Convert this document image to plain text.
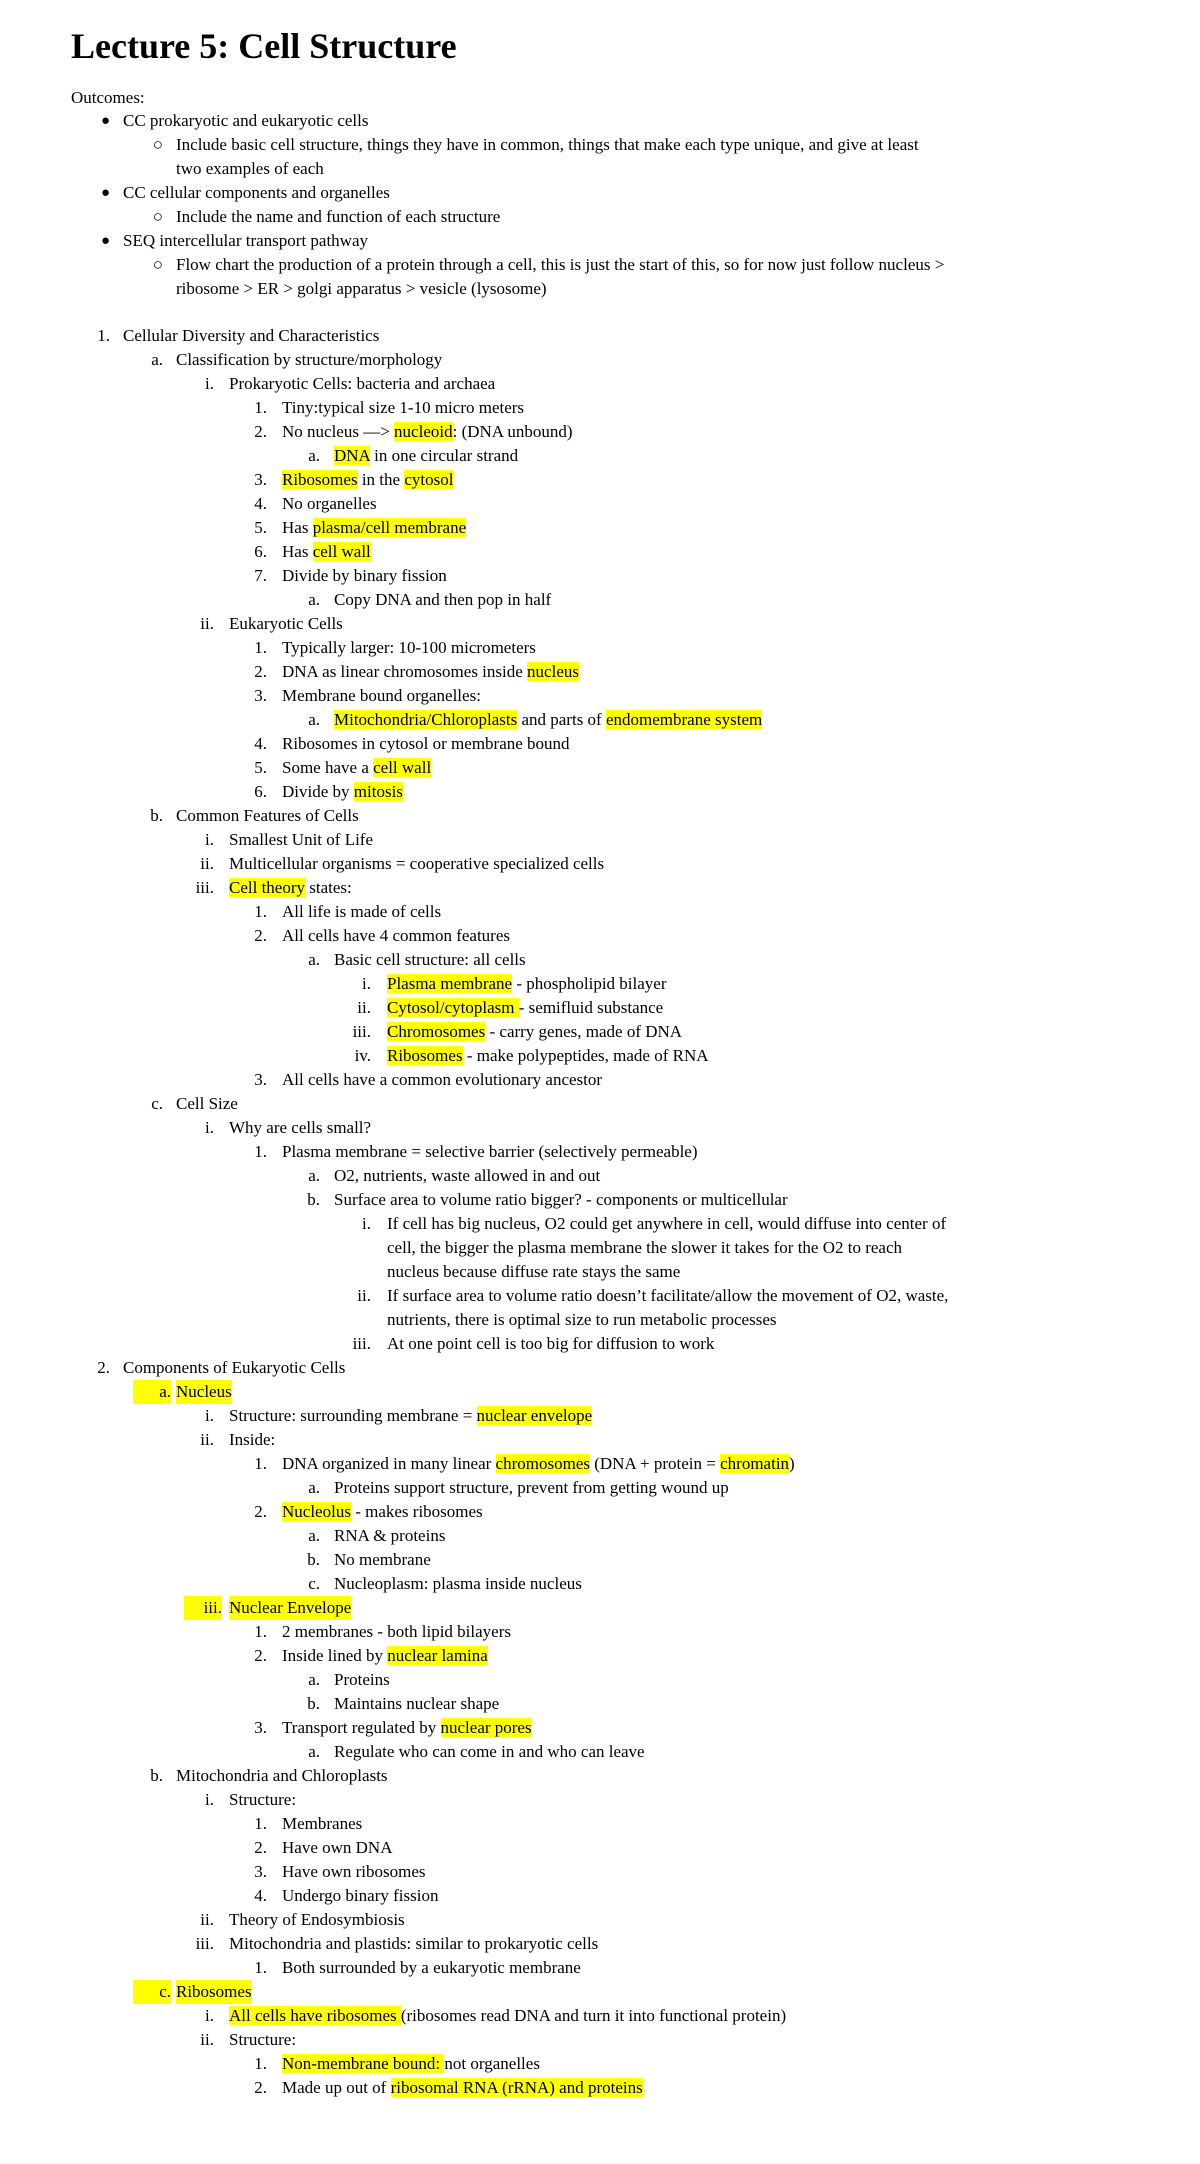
Lecture 5: Cell Structure
Outcomes:
● CC prokaryotic and eukaryotic cells
○ Include basic cell structure, things they have in common, things that make each type unique, and give at least
two examples of each
● CC cellular components and organelles
○ Include the name and function of each structure
● SEQ intercellular transport pathway
○ Flow chart the production of a protein through a cell, this is just the start of this, so for now just follow nucleus >
ribosome > ER > golgi apparatus > vesicle (lysosome)
1. Cellular Diversity and Characteristics
a. Classification by structure/morphology
i. Prokaryotic Cells: bacteria and archaea
1. Tiny:typical size 1-10 micro meters
2. No nucleus —> nucleoid: (DNA unbound)
a. DNA in one circular strand
3. Ribosomes in the cytosol
4. No organelles
5. Has plasma/cell membrane
6. Has cell wall
7. Divide by binary fission
a. Copy DNA and then pop in half
ii. Eukaryotic Cells
1. Typically larger: 10-100 micrometers
2. DNA as linear chromosomes inside nucleus
3. Membrane bound organelles:
a. Mitochondria/Chloroplasts and parts of endomembrane system
4. Ribosomes in cytosol or membrane bound
5. Some have a cell wall
6. Divide by mitosis
b. Common Features of Cells
i. Smallest Unit of Life
ii. Multicellular organisms = cooperative specialized cells
iii. Cell theory states:
1. All life is made of cells
2. All cells have 4 common features
a. Basic cell structure: all cells
i. Plasma membrane - phospholipid bilayer
ii. Cytosol/cytoplasm - semifluid substance
iii. Chromosomes - carry genes, made of DNA
iv. Ribosomes - make polypeptides, made of RNA
3. All cells have a common evolutionary ancestor
c. Cell Size
i. Why are cells small?
1. Plasma membrane = selective barrier (selectively permeable)
a. O2, nutrients, waste allowed in and out
b. Surface area to volume ratio bigger? - components or multicellular
i. If cell has big nucleus, O2 could get anywhere in cell, would diffuse into center of
cell, the bigger the plasma membrane the slower it takes for the O2 to reach
nucleus because diffuse rate stays the same
ii. If surface area to volume ratio doesn’t facilitate/allow the movement of O2, waste,
nutrients, there is optimal size to run metabolic processes
iii. At one point cell is too big for diffusion to work
2. Components of Eukaryotic Cells
a. Nucleus
i. Structure: surrounding membrane = nuclear envelope
ii. Inside:
1. DNA organized in many linear chromosomes (DNA + protein = chromatin)
a. Proteins support structure, prevent from getting wound up
2. Nucleolus - makes ribosomes
a. RNA & proteins
b. No membrane
c. Nucleoplasm: plasma inside nucleus
iii. Nuclear Envelope
1. 2 membranes - both lipid bilayers
2. Inside lined by nuclear lamina
a. Proteins
b. Maintains nuclear shape
3. Transport regulated by nuclear pores
a. Regulate who can come in and who can leave
b. Mitochondria and Chloroplasts
i. Structure:
1. Membranes
2. Have own DNA
3. Have own ribosomes
4. Undergo binary fission
ii. Theory of Endosymbiosis
iii. Mitochondria and plastids: similar to prokaryotic cells
1. Both surrounded by a eukaryotic membrane
c. Ribosomes
i. All cells have ribosomes (ribosomes read DNA and turn it into functional protein)
ii. Structure:
1. Non-membrane bound: not organelles
2. Made up out of ribosomal RNA (rRNA) and proteins
